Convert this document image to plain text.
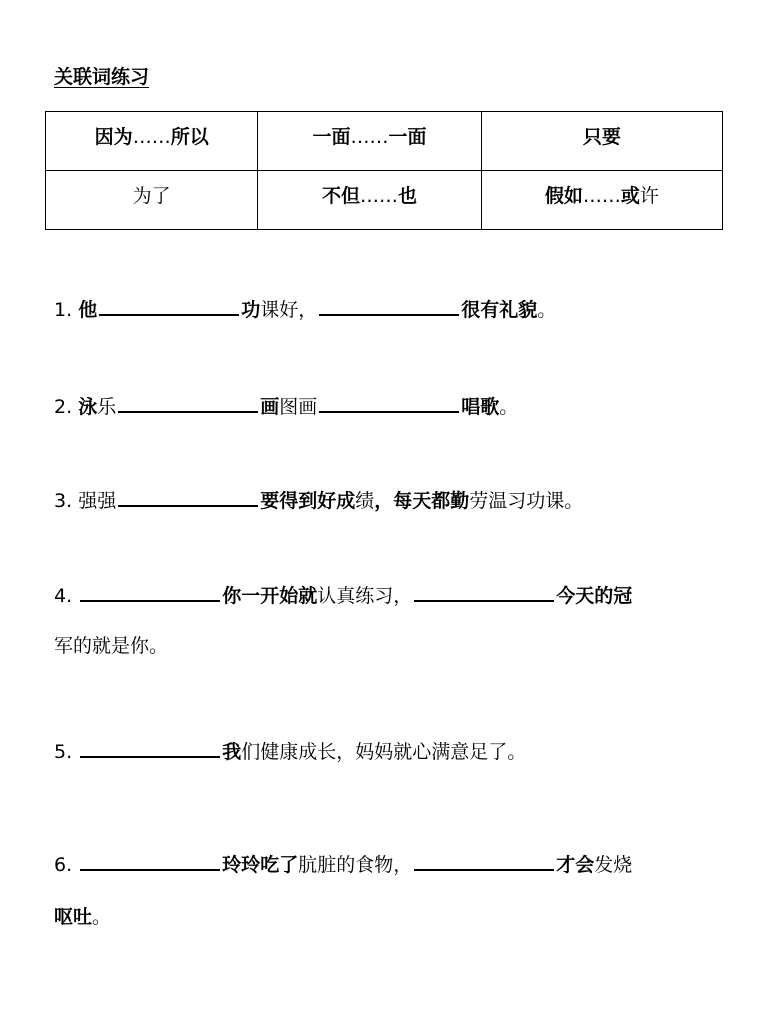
关联词练习
因为……所以	一面……一面	只要

为了	不但……也	假如……或许
1. 他	功课好，	很有礼貌。
2. 泳乐	画图画	唱歌。
3. 强强	要得到好成绩，每天都勤劳温习功课。
4.	你一开始就认真练习，	今天的冠
军的就是你。
5.	我们健康成长，妈妈就心满意足了。
6.	玲玲吃了肮脏的食物，	才会发烧
呕吐。
